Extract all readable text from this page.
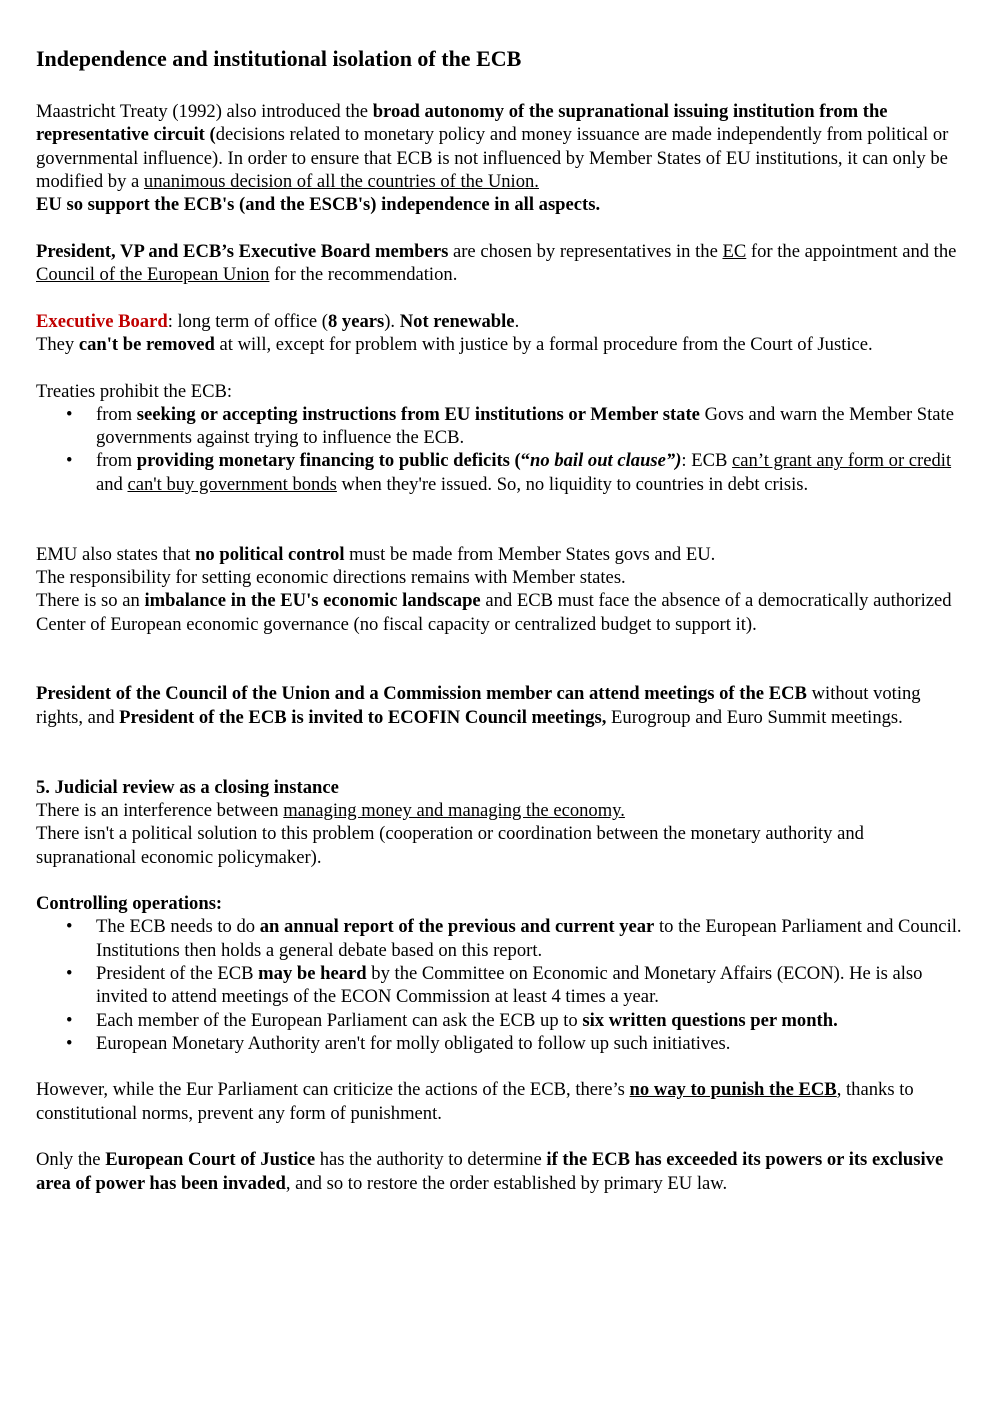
Independence and institutional isolation of the ECB

Maastricht Treaty (1992) also introduced the broad autonomy of the supranational issuing institution from the representative circuit (decisions related to monetary policy and money issuance are made independently from political or governmental influence). In order to ensure that ECB is not influenced by Member States of EU institutions, it can only be modified by a unanimous decision of all the countries of the Union.

EU so support the ECB's (and the ESCB's) independence in all aspects.

President, VP and ECB’s Executive Board members are chosen by representatives in the EC for the appointment and the Council of the European Union for the recommendation.

Executive Board: long term of office (8 years). Not renewable.

They can't be removed at will, except for problem with justice by a formal procedure from the Court of Justice.

Treaties prohibit the ECB:

• from seeking or accepting instructions from EU institutions or Member state Govs and warn the Member State governments against trying to influence the ECB.
• from providing monetary financing to public deficits (“no bail out clause”): ECB can’t grant any form or credit and can't buy government bonds when they're issued. So, no liquidity to countries in debt crisis.

EMU also states that no political control must be made from Member States govs and EU.

The responsibility for setting economic directions remains with Member states.

There is so an imbalance in the EU's economic landscape and ECB must face the absence of a democratically authorized Center of European economic governance (no fiscal capacity or centralized budget to support it).

President of the Council of the Union and a Commission member can attend meetings of the ECB without voting rights, and President of the ECB is invited to ECOFIN Council meetings, Eurogroup and Euro Summit meetings.

5. Judicial review as a closing instance

There is an interference between managing money and managing the economy.

There isn't a political solution to this problem (cooperation or coordination between the monetary authority and supranational economic policymaker).

Controlling operations:

• The ECB needs to do an annual report of the previous and current year to the European Parliament and Council. Institutions then holds a general debate based on this report.
• President of the ECB may be heard by the Committee on Economic and Monetary Affairs (ECON). He is also invited to attend meetings of the ECON Commission at least 4 times a year.
• Each member of the European Parliament can ask the ECB up to six written questions per month.
• European Monetary Authority aren't for molly obligated to follow up such initiatives.

However, while the Eur Parliament can criticize the actions of the ECB, there’s no way to punish the ECB, thanks to constitutional norms, prevent any form of punishment.

Only the European Court of Justice has the authority to determine if the ECB has exceeded its powers or its exclusive area of power has been invaded, and so to restore the order established by primary EU law.
